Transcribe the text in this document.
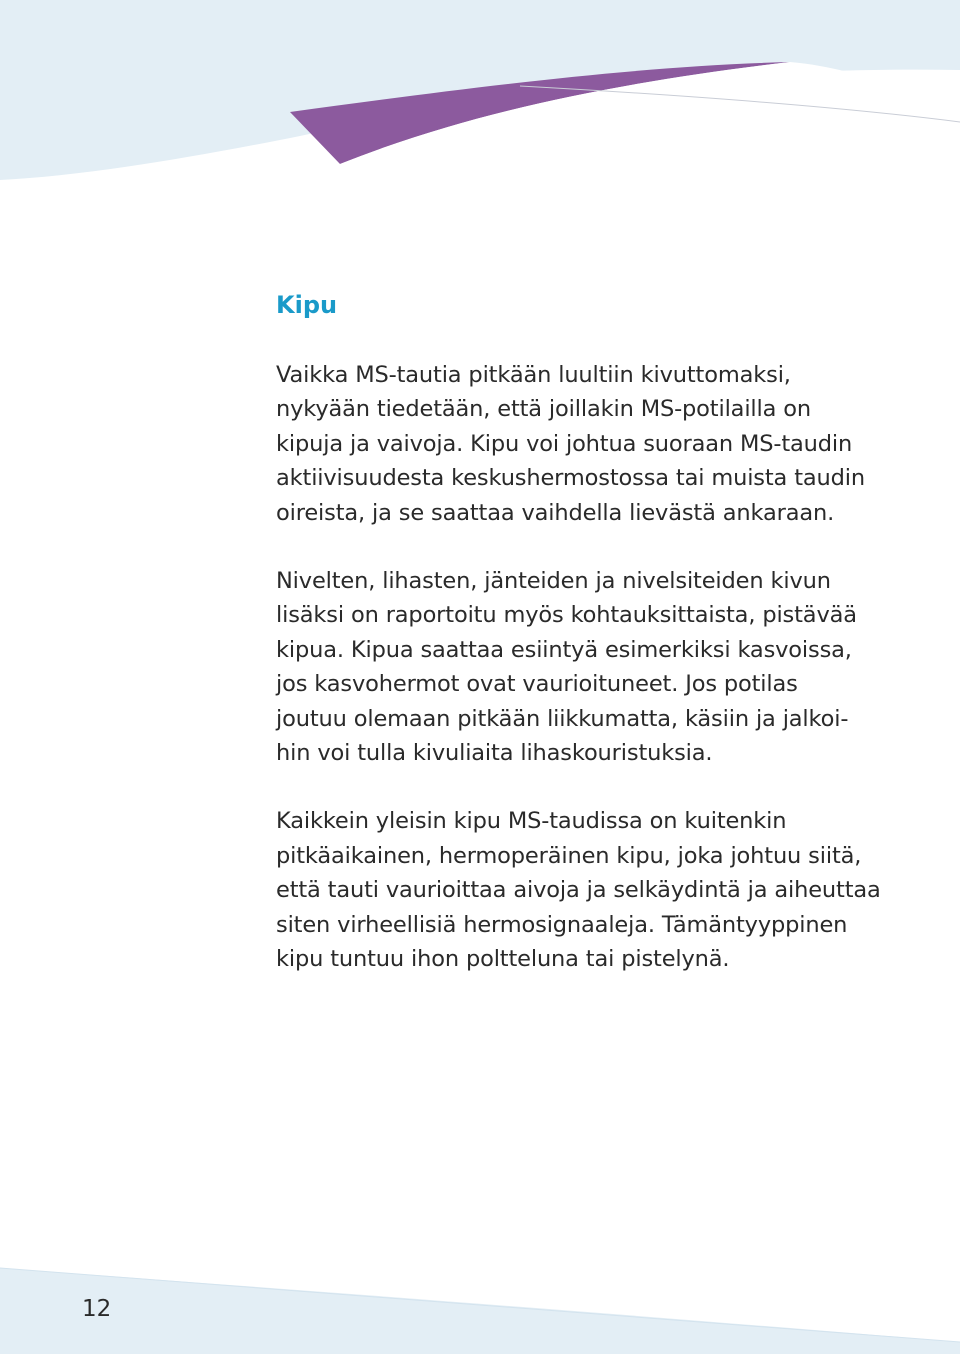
Kipu

Vaikka MS-tautia pitkään luultiin kivuttomaksi,
nykyään tiedetään, että joillakin MS-potilailla on
kipuja ja vaivoja. Kipu voi johtua suoraan MS-taudin
aktiivisuudesta keskushermostossa tai muista taudin
oireista, ja se saattaa vaihdella lievästä ankaraan.

Nivelten, lihasten, jänteiden ja nivelsiteiden kivun
lisäksi on raportoitu myös kohtauksittaista, pistävää
kipua. Kipua saattaa esiintyä esimerkiksi kasvoissa,
jos kasvohermot ovat vaurioituneet. Jos potilas
joutuu olemaan pitkään liikkumatta, käsiin ja jalkoi-
hin voi tulla kivuliaita lihaskouristuksia.

Kaikkein yleisin kipu MS-taudissa on kuitenkin
pitkäaikainen, hermoperäinen kipu, joka johtuu siitä,
että tauti vaurioittaa aivoja ja selkäydintä ja aiheuttaa
siten virheellisiä hermosignaaleja. Tämäntyyppinen
kipu tuntuu ihon poltteluna tai pistelynä.

12
